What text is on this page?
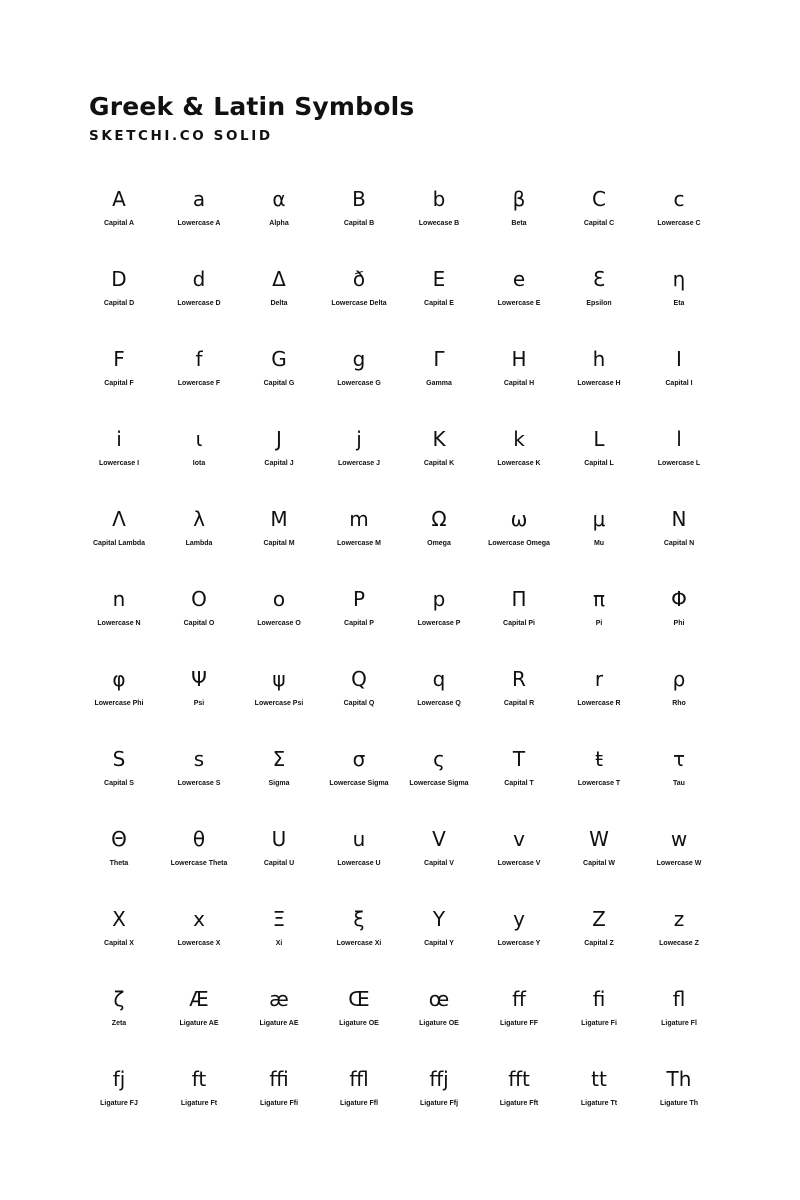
Greek & Latin Symbols
SKETCHI.CO SOLID
A
Capital A
a
Lowercase A
α
Alpha
B
Capital B
b
Lowecase B
β
Beta
C
Capital C
c
Lowercase C
D
Capital D
d
Lowercase D
Δ
Delta
ð
Lowercase Delta
E
Capital E
e
Lowercase E
Ɛ
Epsilon
η
Eta
F
Capital F
f
Lowercase F
G
Capital G
g
Lowercase G
Γ
Gamma
H
Capital H
h
Lowercase H
I
Capital I
i
Lowercase I
ι
Iota
J
Capital J
j
Lowercase J
K
Capital K
k
Lowercase K
L
Capital L
l
Lowercase L
Λ
Capital Lambda
λ
Lambda
M
Capital M
m
Lowercase M
Ω
Omega
ω
Lowercase Omega
μ
Mu
N
Capital N
n
Lowercase N
O
Capital O
o
Lowercase O
P
Capital P
p
Lowercase P
Π
Capital Pi
π
Pi
Φ
Phi
φ
Lowercase Phi
Ψ
Psi
ψ
Lowercase Psi
Q
Capital Q
q
Lowercase Q
R
Capital R
r
Lowercase R
ρ
Rho
S
Capital S
s
Lowercase S
Σ
Sigma
σ
Lowercase Sigma
ς
Lowercase Sigma
T
Capital T
ŧ
Lowercase T
τ
Tau
Θ
Theta
θ
Lowercase Theta
U
Capital U
u
Lowercase U
V
Capital V
v
Lowercase V
W
Capital W
w
Lowercase W
X
Capital X
x
Lowercase X
Ξ
Xi
ξ
Lowercase Xi
Y
Capital Y
y
Lowercase Y
Z
Capital Z
z
Lowecase Z
ζ
Zeta
Æ
Ligature AE
æ
Ligature AE
Œ
Ligature OE
œ
Ligature OE
ﬀ
Ligature FF
ﬁ
Ligature Fi
ﬂ
Ligature Fl
fj
Ligature FJ
ft
Ligature Ft
ﬃ
Ligature Ffi
ﬄ
Ligature Ffl
ffj
Ligature Ffj
fft
Ligature Fft
tt
Ligature Tt
Th
Ligature Th
